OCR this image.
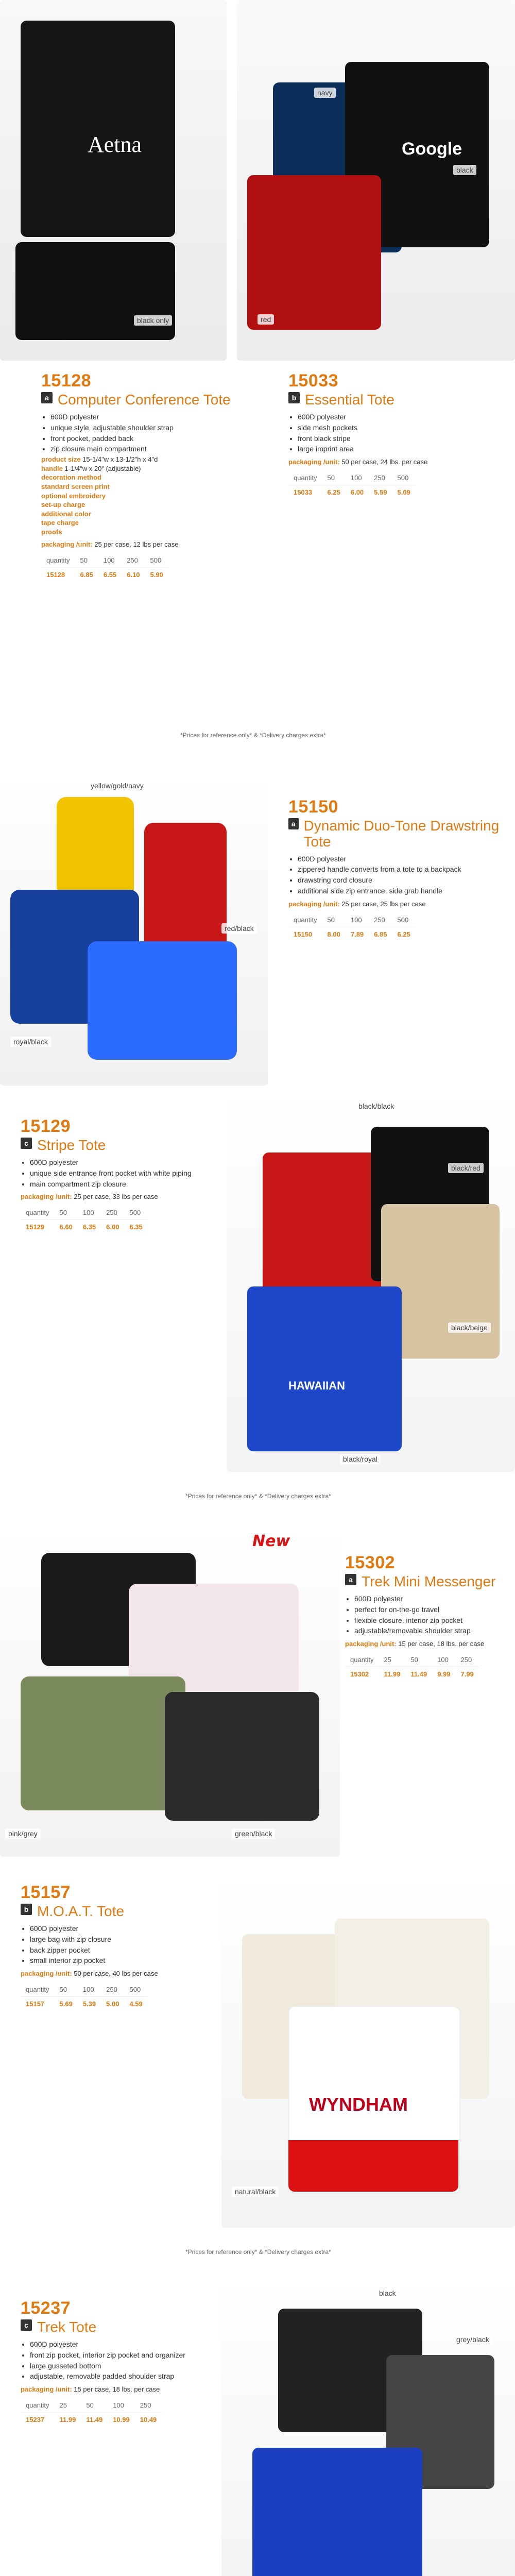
black only
Aetna
navy
black
red
Google
15128
a Computer Conference Tote
• 600D polyester
• unique style, adjustable shoulder strap
• front pocket, padded back
• zip closure main compartment
product size 15-1/4"w x 13-1/2"h x 4"d
handle 1-1/4"w x 20" (adjustable)
decoration method
standard screen print
optional embroidery
set-up charge
additional color
tape charge
proofs
packaging /unit: 25 per case, 12 lbs per case
quantity	50	100	250	500
15128	6.85	6.55	6.10	5.90
15033
b Essential Tote
• 600D polyester
• side mesh pockets
• front black stripe
• large imprint area
packaging /unit: 50 per case, 24 lbs. per case
quantity	50	100	250	500
15033	6.25	6.00	5.59	5.09
*Prices for reference only* & *Delivery charges extra*
yellow/gold/navy
red/black
royal/black
15150
a Dynamic Duo-Tone Drawstring Tote
• 600D polyester
• zippered handle converts from a tote to a backpack
• drawstring cord closure
• additional side zip entrance, side grab handle
packaging /unit: 25 per case, 25 lbs per case
quantity	50	100	250	500
15150	8.00	7.89	6.85	6.25
15129
c Stripe Tote
• 600D polyester
• unique side entrance front pocket with white piping
• main compartment zip closure
packaging /unit: 25 per case, 33 lbs per case
quantity	50	100	250	500
15129	6.60	6.35	6.00	6.35
black/black
black/red
black/beige
black/royal
HAWAIIAN
*Prices for reference only* & *Delivery charges extra*
pink/grey	green/black
New
15302
a Trek Mini Messenger
• 600D polyester
• perfect for on-the-go travel
• flexible closure, interior zip pocket
• adjustable/removable shoulder strap
packaging /unit: 15 per case, 18 lbs. per case
quantity	25	50	100	250
15302	11.99	11.49	9.99	7.99
15157
b M.O.A.T. Tote
• 600D polyester
• large bag with zip closure
• back zipper pocket
• small interior zip pocket
packaging /unit: 50 per case, 40 lbs per case
quantity	50	100	250	500
15157	5.69	5.39	5.00	4.59
WYNDHAM
natural/black
*Prices for reference only* & *Delivery charges extra*
15237
c Trek Tote
• 600D polyester
• front zip pocket, interior zip pocket and organizer
• large gusseted bottom
• adjustable, removable padded shoulder strap
packaging /unit: 15 per case, 18 lbs. per case
quantity	25	50	100	250
15237	11.99	11.49	10.99	10.49
black
grey/black
